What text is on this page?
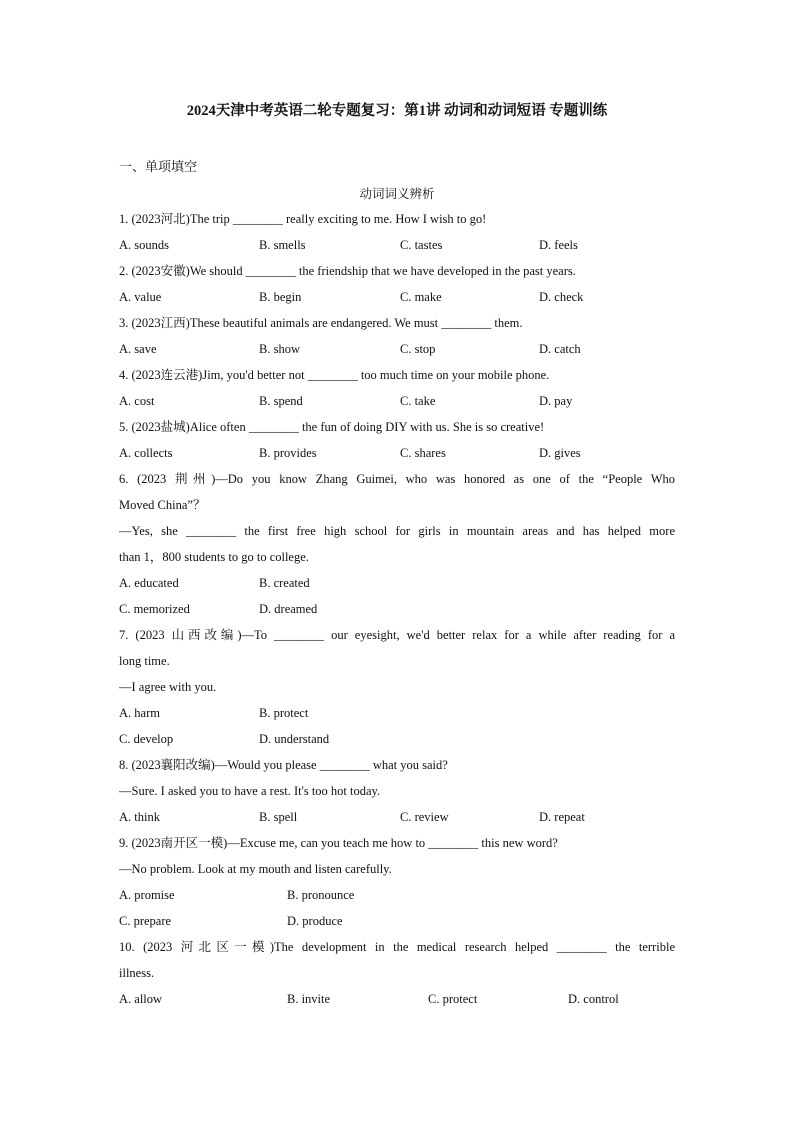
2024天津中考英语二轮专题复习：第1讲 动词和动词短语 专题训练
一、单项填空
动词词义辨析
1. (2023河北)The trip ________ really exciting to me. How I wish to go!
A. sounds	B. smells	C. tastes	D. feels
2. (2023安徽)We should ________ the friendship that we have developed in the past years.
A. value	B. begin	C. make	D. check
3. (2023江西)These beautiful animals are endangered. We must ________ them.
A. save	B. show	C. stop	D. catch
4. (2023连云港)Jim, you'd better not ________ too much time on your mobile phone.
A. cost	B. spend	C. take	D. pay
5. (2023盐城)Alice often ________ the fun of doing DIY with us. She is so creative!
A. collects	B. provides	C. shares	D. gives
6. (2023 荆州)—Do you know Zhang Guimei, who was honored as one of the “People Who
Moved China”？
—Yes, she ________ the first free high school for girls in mountain areas and has helped more
than 1，800 students to go to college.
A. educated	B. created
C. memorized	D. dreamed
7. (2023 山西改编)—To ________ our eyesight, we'd better relax for a while after reading for a
long time.
—I agree with you.
A. harm	B. protect
C. develop	D. understand
8. (2023襄阳改编)—Would you please ________ what you said?
—Sure. I asked you to have a rest. It's too hot today.
A. think	B. spell	C. review	D. repeat
9. (2023南开区一模)—Excuse me, can you teach me how to ________ this new word?
—No problem. Look at my mouth and listen carefully.
A. promise	B. pronounce
C. prepare	D. produce
10. (2023 河北区一模)The development in the medical research helped ________ the terrible
illness.
A. allow	B. invite	C. protect	D. control
